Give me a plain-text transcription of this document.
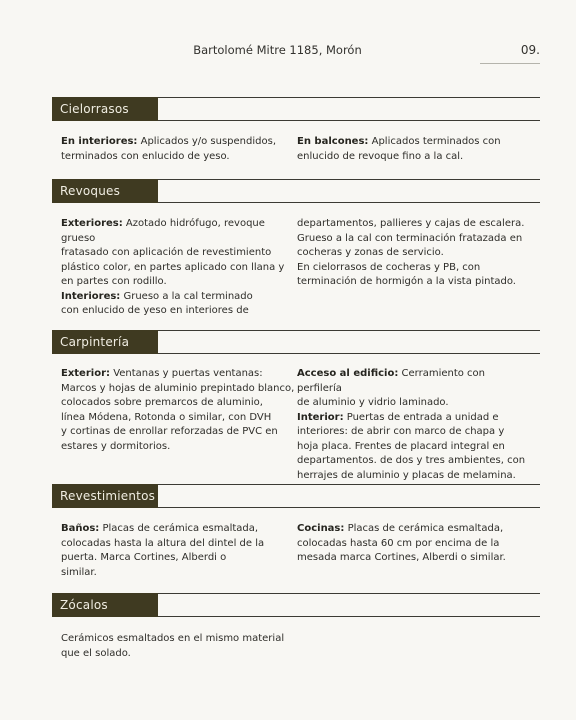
Bartolomé Mitre 1185, Morón	09.
Cielorrasos
En interiores: Aplicados y/o suspendidos,
terminados con enlucido de yeso.
En balcones: Aplicados terminados con
enlucido de revoque fino a la cal.
Revoques
Exteriores: Azotado hidrófugo, revoque grueso
fratasado con aplicación de revestimiento
plástico color, en partes aplicado con llana y
en partes con rodillo.
Interiores: Grueso a la cal terminado
con enlucido de yeso en interiores de
departamentos, pallieres y cajas de escalera.
Grueso a la cal con terminación fratazada en
cocheras y zonas de servicio.
En cielorrasos de cocheras y PB, con
terminación de hormigón a la vista pintado.
Carpintería
Exterior: Ventanas y puertas ventanas:
Marcos y hojas de aluminio prepintado blanco,
colocados sobre premarcos de aluminio,
línea Módena, Rotonda o similar, con DVH
y cortinas de enrollar reforzadas de PVC en
estares y dormitorios.
Acceso al edificio: Cerramiento con perfilería
de aluminio y vidrio laminado.
Interior: Puertas de entrada a unidad e
interiores: de abrir con marco de chapa y
hoja placa. Frentes de placard integral en
departamentos. de dos y tres ambientes, con
herrajes de aluminio y placas de melamina.
Revestimientos
Baños: Placas de cerámica esmaltada,
colocadas hasta la altura del dintel de la
puerta. Marca Cortines, Alberdi o
similar.
Cocinas: Placas de cerámica esmaltada,
colocadas hasta 60 cm por encima de la
mesada marca Cortines, Alberdi o similar.
Zócalos
Cerámicos esmaltados en el mismo material
que el solado.
